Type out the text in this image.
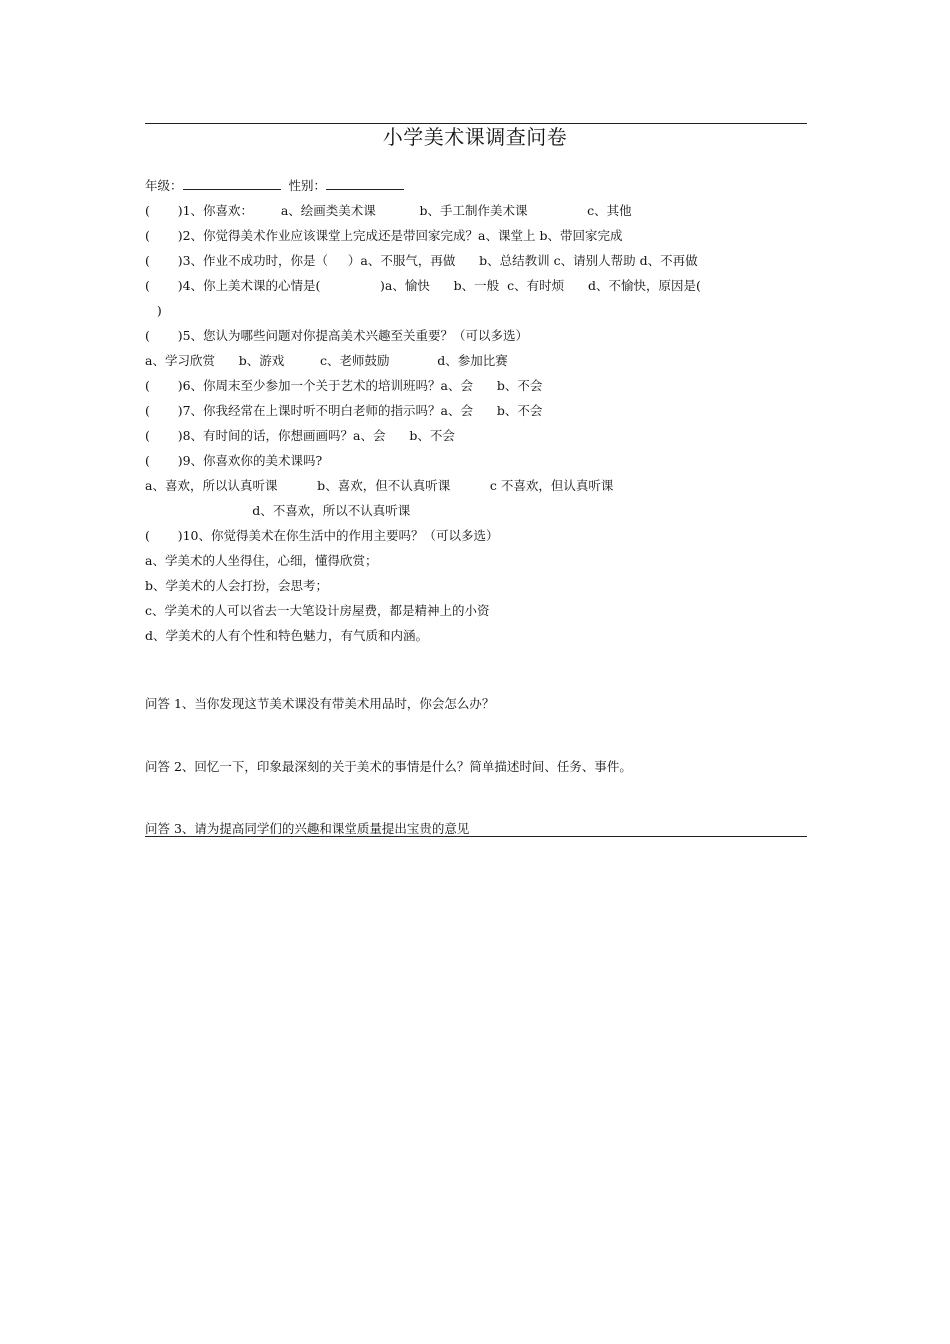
小学美术课调查问卷
年级：	性别：
(       )1、你喜欢：       a、绘画类美术课           b、手工制作美术课               c、其他
(       )2、你觉得美术作业应该课堂上完成还是带回家完成？a、课堂上 b、带回家完成
(       )3、作业不成功时，你是（     ）a、不服气，再做      b、总结教训 c、请别人帮助 d、不再做
(       )4、你上美术课的心情是(               )a、愉快      b、一般  c、有时烦      d、不愉快，原因是(
)
(       )5、您认为哪些问题对你提高美术兴趣至关重要？（可以多选）
a、学习欣赏      b、游戏         c、老师鼓励            d、参加比赛
(       )6、你周末至少参加一个关于艺术的培训班吗？a、会      b、不会
(       )7、你我经常在上课时听不明白老师的指示吗？a、会      b、不会
(       )8、有时间的话，你想画画吗？a、会      b、不会
(       )9、你喜欢你的美术课吗?
a、喜欢，所以认真听课          b、喜欢，但不认真听课          c 不喜欢，但认真听课
d、不喜欢，所以不认真听课
(       )10、你觉得美术在你生活中的作用主要吗？（可以多选）
a、学美术的人坐得住，心细，懂得欣赏；
b、学美术的人会打扮，会思考；
c、学美术的人可以省去一大笔设计房屋费，都是精神上的小资
d、学美术的人有个性和特色魅力，有气质和内涵。
问答 1、当你发现这节美术课没有带美术用品时，你会怎么办？
问答 2、回忆一下，印象最深刻的关于美术的事情是什么？简单描述时间、任务、事件。
问答 3、请为提高同学们的兴趣和课堂质量提出宝贵的意见
